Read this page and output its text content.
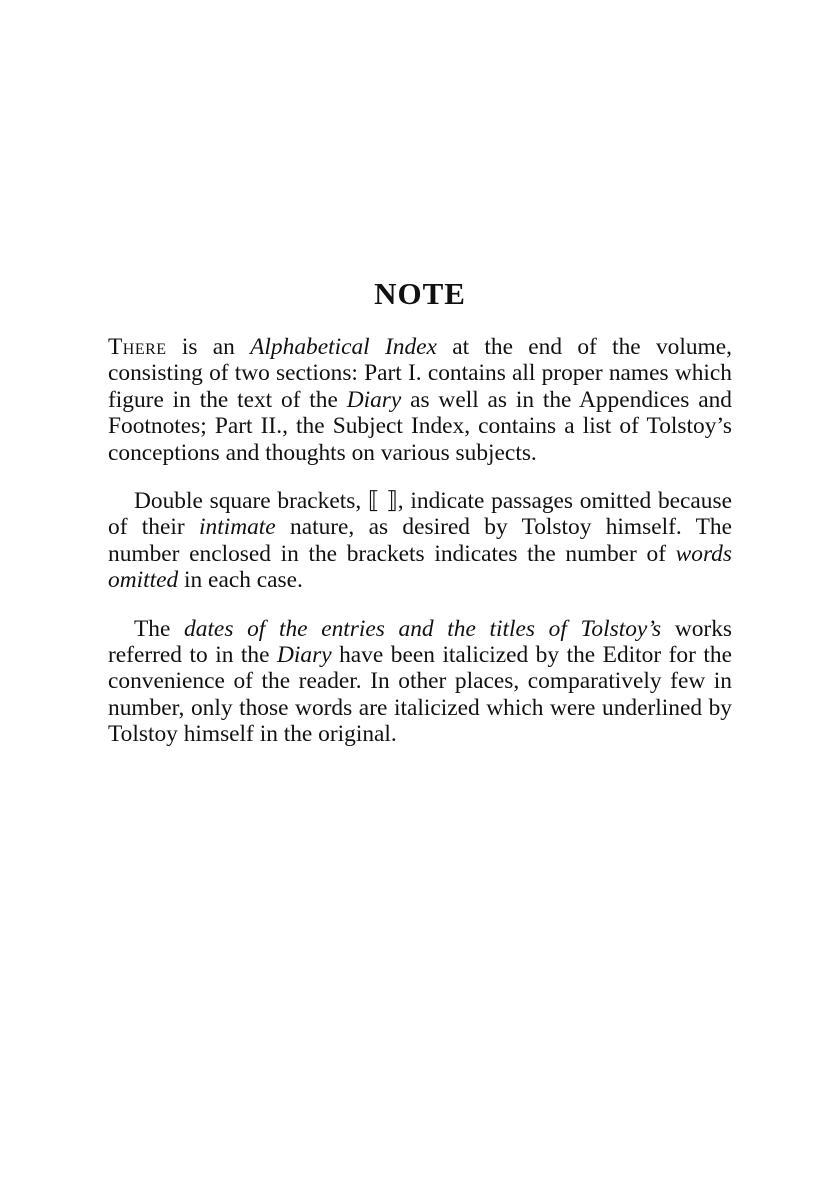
NOTE

There is an Alphabetical Index at the end of the volume, consisting of two sections: Part I. contains all proper names which figure in the text of the Diary as well as in the Appendices and Footnotes; Part II., the Subject Index, contains a list of Tolstoy’s conceptions and thoughts on various subjects.

Double square brackets, ⟦ ⟧, indicate passages omitted because of their intimate nature, as desired by Tolstoy himself. The number enclosed in the brackets indicates the number of words omitted in each case.

The dates of the entries and the titles of Tolstoy’s works referred to in the Diary have been italicized by the Editor for the convenience of the reader. In other places, comparatively few in number, only those words are italicized which were underlined by Tolstoy himself in the original.
